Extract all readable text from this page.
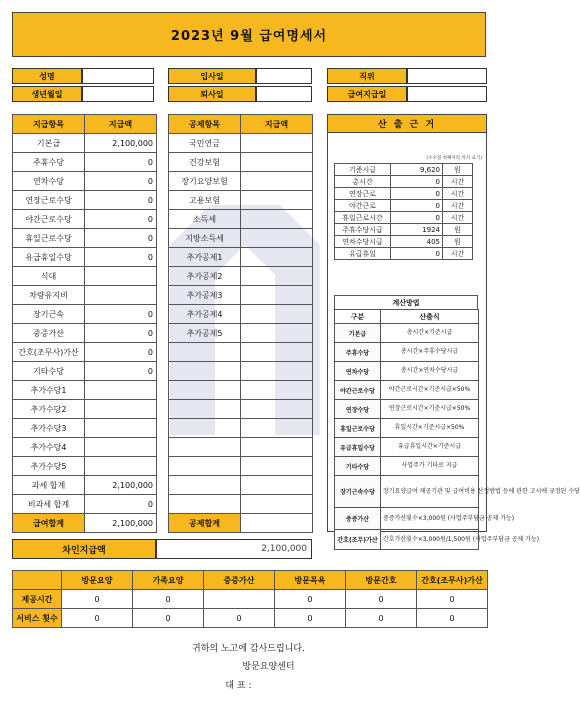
2023년 9월 급여명세서
성명
생년월일
입사일
퇴사일
직위
급여지급일
지급항목	지급액
기본급	2,100,000
주휴수당	0
연차수당	0
연장근로수당	0
야간근로수당	0
휴일근로수당	0
유급휴일수당	0
식대	
차량유지비	
장기근속	0
중증가산	0
간호(조무사)가산	0
기타수당	0
추가수당1	
추가수당2	
추가수당3	
추가수당4	
추가수당5	
과세 합계	2,100,000
비과세 합계	0
급여합계	2,100,000
공제항목	지급액
국민연금	
건강보험	
장기요양보험	
고용보험	
소득세	
지방소득세	
추가공제1	
추가공제2	
추가공제3	
추가공제4	
추가공제5	

공제합계	
산 출 근 거
(소수점 첫째자리 까지 표기)
기준시급	9,620	원
총시간	0	시간
연장근로	0	시간
야간근로	0	시간
휴일근로시간	0	시간
주휴수당시급	1924	원
연차수당시급	405	원
유급휴일	0	시간
계산방법
구분	산출식
기본급	총시간×기준시급
주휴수당	총시간×주휴수당시급
연차수당	총시간×연차수당시급
야간근로수당	야간근로시간×기준시급×50%
연장수당	연장근로시간×기준시급×50%
휴일근로수당	휴일시간×기준시급×50%
유급휴일수당	유급휴일시간×기준시급
기타수당	사업주가 기타로 지급
장기근속수당	장기요양급여 제공기관 및 급여비용 산정방법 등에 관한 고시에 규정된 수당
중증가산	중증가산횟수×3,000원 (사업주부담금 공제 가능)
간호(조무)가산	간호가산횟수×3,000원/1,500원 (사업주부담금 공제 가능)
차인지급액	2,100,000
	방문요양	가족요양	중증가산	방문목욕	방문간호	간호(조무사)가산
제공시간	0	0		0	0	0
서비스 횟수	0	0	0	0	0	0
귀하의 노고에 감사드립니다.
방문요양센터
대 표 :
